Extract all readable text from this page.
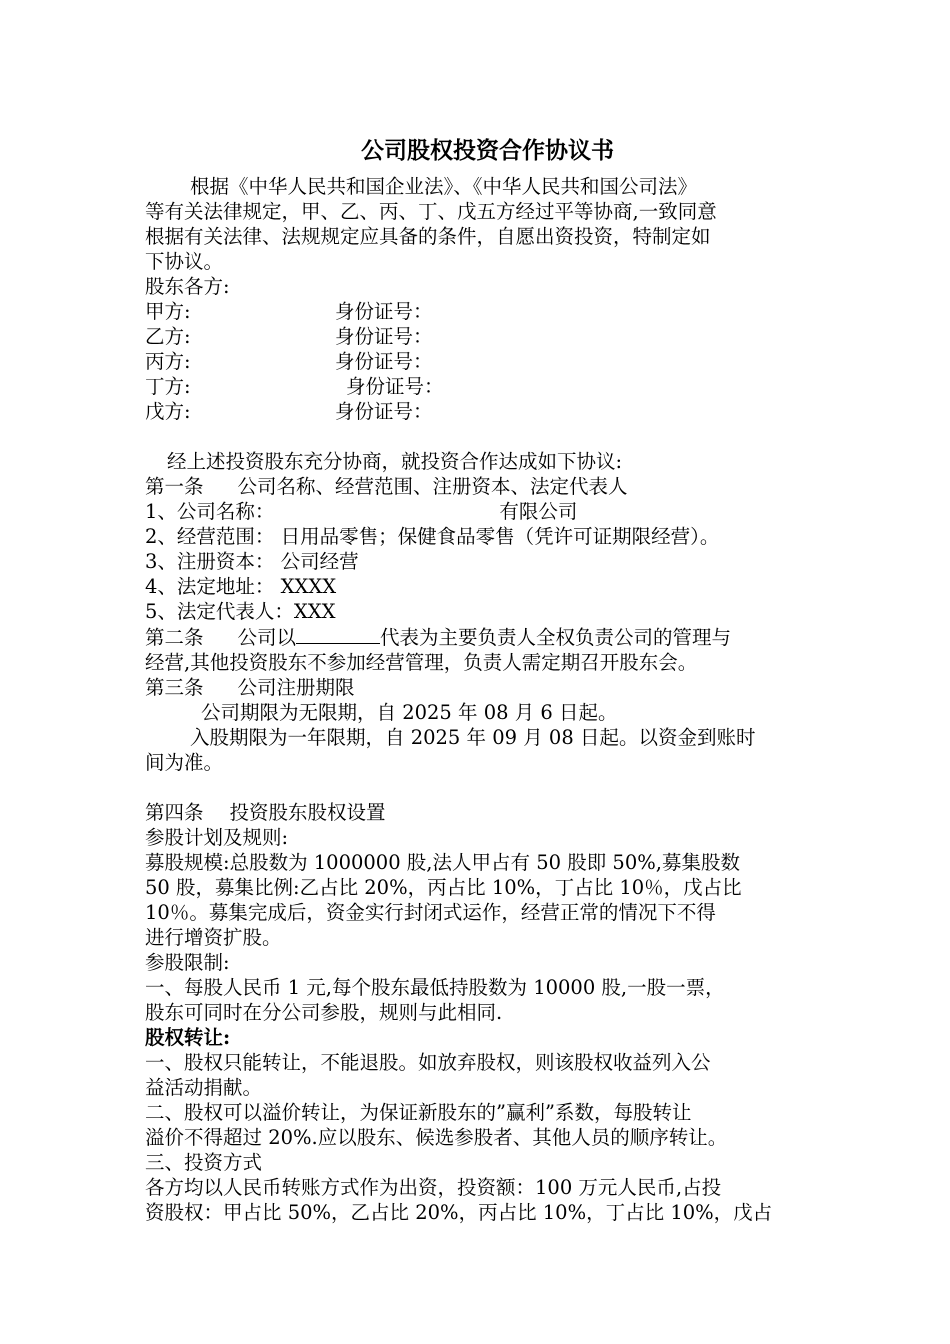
公司股权投资合作协议书

根据《中华人民共和国企业法》、《中华人民共和国公司法》

等有关法律规定，甲、乙、丙、丁、戊五方经过平等协商,一致同意

根据有关法律、法规规定应具备的条件，自愿出资投资，特制定如

下协议。

股东各方:

甲方:	身份证号：
乙方:	身份证号：
丙方:	身份证号：
丁方:	身份证号：
戊方:	身份证号：

经上述投资股东充分协商，就投资合作达成如下协议:

第一条 公司名称、经营范围、注册资本、法定代表人

1、公司名称：	有限公司

2、经营范围： 日用品零售；保健食品零售（凭许可证期限经营）。

3、注册资本： 公司经营

4、法定地址： XXXX

5、法定代表人：XXX

第二条 公司以	代表为主要负责人全权负责公司的管理与

经营,其他投资股东不参加经营管理，负责人需定期召开股东会。

第三条 公司注册期限

公司期限为无限期，自 2025 年 08 月 6 日起。

入股期限为一年限期，自 2025 年 09 月 08 日起。以资金到账时

间为准。

第四条 投资股东股权设置

参股计划及规则:

募股规模:总股数为 1000000 股,法人甲占有 50 股即 50%,募集股数

50 股，募集比例:乙占比 20%，丙占比 10%，丁占比 10％，戊占比

10％。募集完成后，资金实行封闭式运作，经营正常的情况下不得

进行增资扩股。

参股限制:

一、每股人民币 1 元,每个股东最低持股数为 10000 股,一股一票，

股东可同时在分公司参股，规则与此相同.

股权转让:

一、股权只能转让，不能退股。如放弃股权，则该股权收益列入公

益活动捐献。

二、股权可以溢价转让，为保证新股东的”赢利”系数，每股转让

溢价不得超过 20%.应以股东、候选参股者、其他人员的顺序转让。

三、投资方式

各方均以人民币转账方式作为出资，投资额：100 万元人民币,占投

资股权：甲占比 50%，乙占比 20%，丙占比 10%，丁占比 10%，戊占
